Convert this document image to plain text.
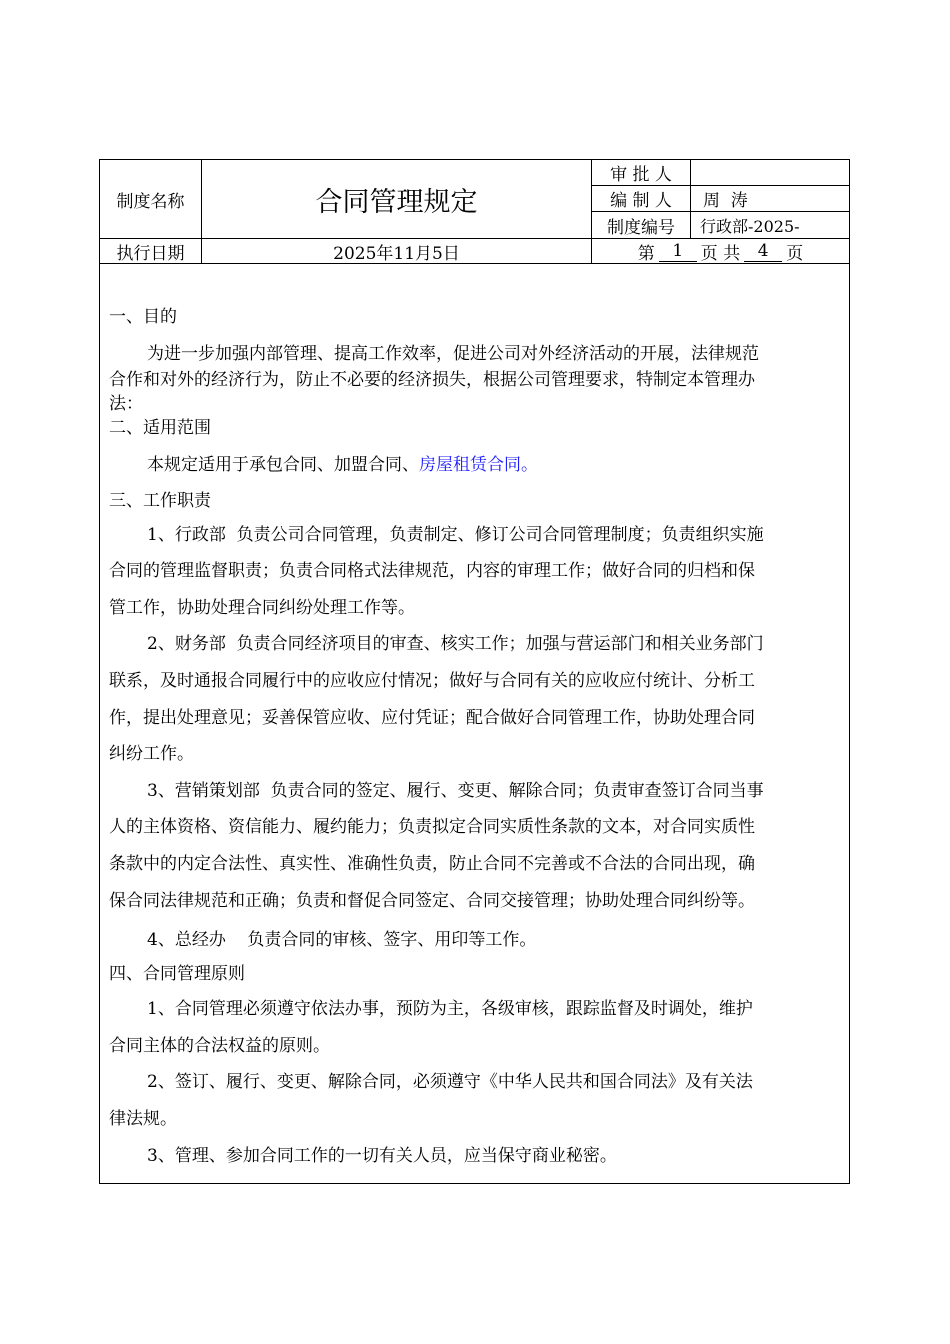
制度名称	合同管理规定
审 批 人
编 制 人	周  涛
制度编号	行政部-2025-
执行日期	2025年11月5日	第	1	页 共	4	页
一、目的
为进一步加强内部管理、提高工作效率，促进公司对外经济活动的开展，法律规范
合作和对外的经济行为，防止不必要的经济损失，根据公司管理要求，特制定本管理办
法：
二、适用范围
本规定适用于承包合同、加盟合同、房屋租赁合同。
三、工作职责
1、行政部  负责公司合同管理，负责制定、修订公司合同管理制度；负责组织实施
合同的管理监督职责；负责合同格式法律规范，内容的审理工作；做好合同的归档和保
管工作，协助处理合同纠纷处理工作等。
2、财务部  负责合同经济项目的审查、核实工作；加强与营运部门和相关业务部门
联系，及时通报合同履行中的应收应付情况；做好与合同有关的应收应付统计、分析工
作，提出处理意见；妥善保管应收、应付凭证；配合做好合同管理工作，协助处理合同
纠纷工作。
3、营销策划部  负责合同的签定、履行、变更、解除合同；负责审查签订合同当事
人的主体资格、资信能力、履约能力；负责拟定合同实质性条款的文本，对合同实质性
条款中的内定合法性、真实性、准确性负责，防止合同不完善或不合法的合同出现，确
保合同法律规范和正确；负责和督促合同签定、合同交接管理；协助处理合同纠纷等。
4、总经办    负责合同的审核、签字、用印等工作。
四、合同管理原则
1、合同管理必须遵守依法办事，预防为主，各级审核，跟踪监督及时调处，维护
合同主体的合法权益的原则。
2、签订、履行、变更、解除合同，必须遵守《中华人民共和国合同法》及有关法
律法规。
3、管理、参加合同工作的一切有关人员，应当保守商业秘密。
